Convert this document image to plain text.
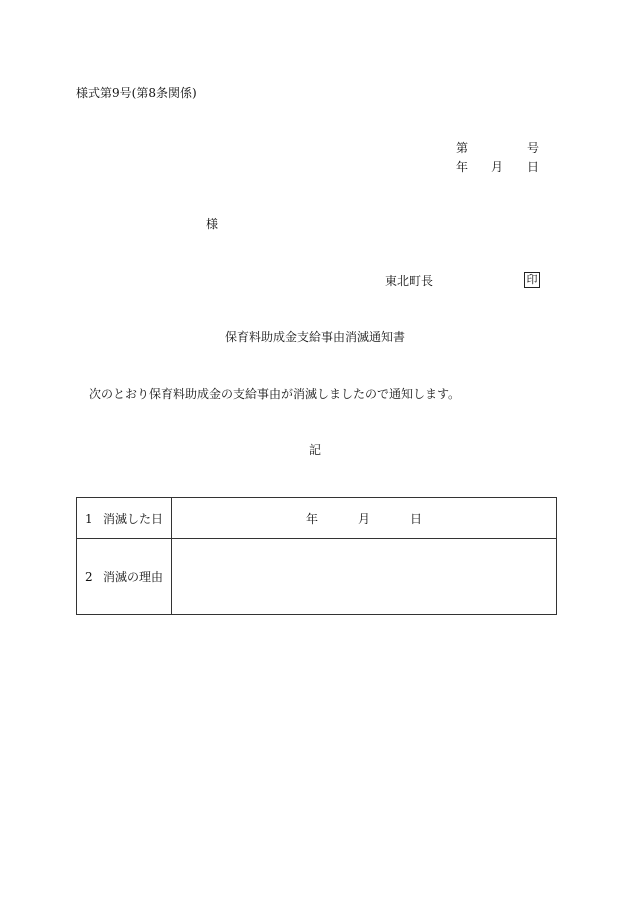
様式第9号(第8条関係)
第	号
年 月 日
様
東北町長	印
保育料助成金支給事由消滅通知書
次のとおり保育料助成金の支給事由が消滅しましたので通知します。
記
1 消滅した日	年 月 日
2 消滅の理由	
